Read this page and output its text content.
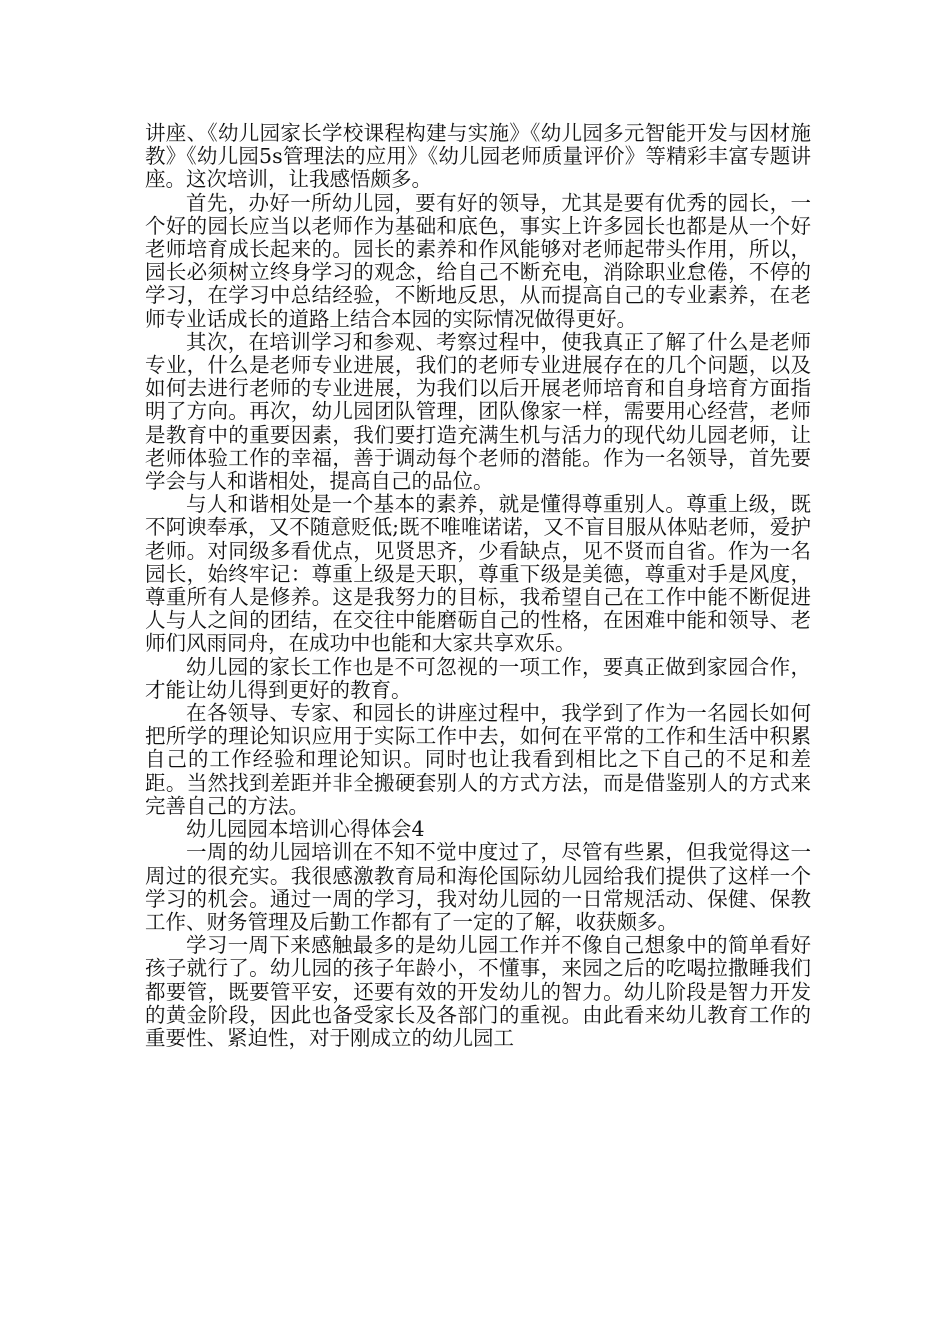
讲座、《幼儿园家长学校课程构建与实施》《幼儿园多元智能开发与因材施教》《幼儿园5s管理法的应用》《幼儿园老师质量评价》等精彩丰富专题讲座。这次培训，让我感悟颇多。

首先，办好一所幼儿园，要有好的领导，尤其是要有优秀的园长，一个好的园长应当以老师作为基础和底色，事实上许多园长也都是从一个好老师培育成长起来的。园长的素养和作风能够对老师起带头作用，所以，园长必须树立终身学习的观念，给自己不断充电，消除职业怠倦，不停的学习，在学习中总结经验，不断地反思，从而提高自己的专业素养，在老师专业话成长的道路上结合本园的实际情况做得更好。

其次，在培训学习和参观、考察过程中，使我真正了解了什么是老师专业，什么是老师专业进展，我们的老师专业进展存在的几个问题，以及如何去进行老师的专业进展，为我们以后开展老师培育和自身培育方面指明了方向。再次，幼儿园团队管理，团队像家一样，需要用心经营，老师是教育中的重要因素，我们要打造充满生机与活力的现代幼儿园老师，让老师体验工作的幸福，善于调动每个老师的潜能。作为一名领导，首先要学会与人和谐相处，提高自己的品位。

与人和谐相处是一个基本的素养，就是懂得尊重别人。尊重上级，既不阿谀奉承，又不随意贬低;既不唯唯诺诺，又不盲目服从体贴老师，爱护老师。对同级多看优点，见贤思齐，少看缺点，见不贤而自省。作为一名园长，始终牢记：尊重上级是天职，尊重下级是美德，尊重对手是风度，尊重所有人是修养。这是我努力的目标，我希望自己在工作中能不断促进人与人之间的团结，在交往中能磨砺自己的性格，在困难中能和领导、老师们风雨同舟，在成功中也能和大家共享欢乐。

幼儿园的家长工作也是不可忽视的一项工作，要真正做到家园合作，才能让幼儿得到更好的教育。

在各领导、专家、和园长的讲座过程中，我学到了作为一名园长如何把所学的理论知识应用于实际工作中去，如何在平常的工作和生活中积累自己的工作经验和理论知识。同时也让我看到相比之下自己的不足和差距。当然找到差距并非全搬硬套别人的方式方法，而是借鉴别人的方式来完善自己的方法。

幼儿园园本培训心得体会4

一周的幼儿园培训在不知不觉中度过了，尽管有些累，但我觉得这一周过的很充实。我很感激教育局和海伦国际幼儿园给我们提供了这样一个学习的机会。通过一周的学习，我对幼儿园的一日常规活动、保健、保教工作、财务管理及后勤工作都有了一定的了解，收获颇多。

学习一周下来感触最多的是幼儿园工作并不像自己想象中的简单看好孩子就行了。幼儿园的孩子年龄小，不懂事，来园之后的吃喝拉撒睡我们都要管，既要管平安，还要有效的开发幼儿的智力。幼儿阶段是智力开发的黄金阶段，因此也备受家长及各部门的重视。由此看来幼儿教育工作的重要性、紧迫性，对于刚成立的幼儿园工
